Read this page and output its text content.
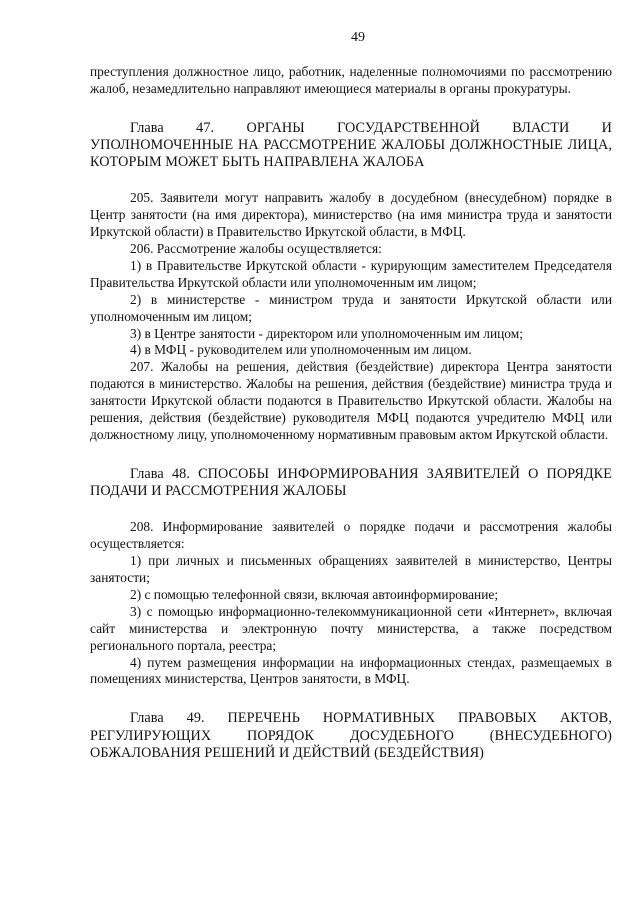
49

преступления должностное лицо, работник, наделенные полномочиями по рассмотрению жалоб, незамедлительно направляют имеющиеся материалы в органы прокуратуры.

Глава 47. ОРГАНЫ ГОСУДАРСТВЕННОЙ ВЛАСТИ И УПОЛНОМОЧЕННЫЕ НА РАССМОТРЕНИЕ ЖАЛОБЫ ДОЛЖНОСТНЫЕ ЛИЦА, КОТОРЫМ МОЖЕТ БЫТЬ НАПРАВЛЕНА ЖАЛОБА

205. Заявители могут направить жалобу в досудебном (внесудебном) порядке в Центр занятости (на имя директора), министерство (на имя министра труда и занятости Иркутской области) в Правительство Иркутской области, в МФЦ.

206. Рассмотрение жалобы осуществляется:

1) в Правительстве Иркутской области - курирующим заместителем Председателя Правительства Иркутской области или уполномоченным им лицом;

2) в министерстве - министром труда и занятости Иркутской области или уполномоченным им лицом;

3) в Центре занятости - директором или уполномоченным им лицом;

4) в МФЦ - руководителем или уполномоченным им лицом.

207. Жалобы на решения, действия (бездействие) директора Центра занятости подаются в министерство. Жалобы на решения, действия (бездействие) министра труда и занятости Иркутской области подаются в Правительство Иркутской области. Жалобы на решения, действия (бездействие) руководителя МФЦ подаются учредителю МФЦ или должностному лицу, уполномоченному нормативным правовым актом Иркутской области.

Глава 48. СПОСОБЫ ИНФОРМИРОВАНИЯ ЗАЯВИТЕЛЕЙ О ПОРЯДКЕ ПОДАЧИ И РАССМОТРЕНИЯ ЖАЛОБЫ

208. Информирование заявителей о порядке подачи и рассмотрения жалобы осуществляется:

1) при личных и письменных обращениях заявителей в министерство, Центры занятости;

2) с помощью телефонной связи, включая автоинформирование;

3) с помощью информационно-телекоммуникационной сети «Интернет», включая сайт министерства и электронную почту министерства, а также посредством регионального портала, реестра;

4) путем размещения информации на информационных стендах, размещаемых в помещениях министерства, Центров занятости, в МФЦ.

Глава 49. ПЕРЕЧЕНЬ НОРМАТИВНЫХ ПРАВОВЫХ АКТОВ, РЕГУЛИРУЮЩИХ ПОРЯДОК ДОСУДЕБНОГО (ВНЕСУДЕБНОГО) ОБЖАЛОВАНИЯ РЕШЕНИЙ И ДЕЙСТВИЙ (БЕЗДЕЙСТВИЯ)
